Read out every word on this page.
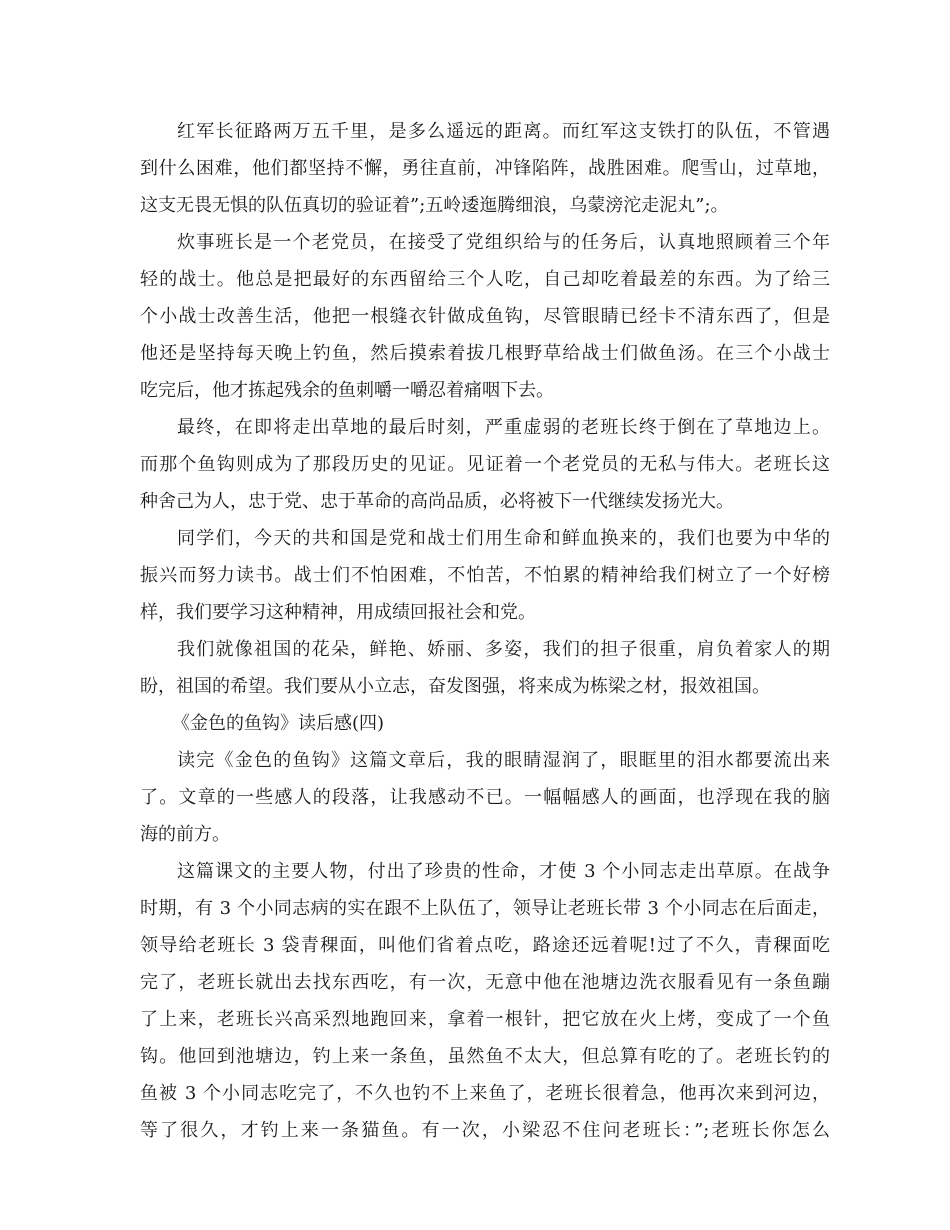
红军长征路两万五千里，是多么遥远的距离。而红军这支铁打的队伍，不管遇
到什么困难，他们都坚持不懈，勇往直前，冲锋陷阵，战胜困难。爬雪山，过草地，
这支无畏无惧的队伍真切的验证着”;五岭逶迤腾细浪，乌蒙滂沱走泥丸”;。
炊事班长是一个老党员，在接受了党组织给与的任务后，认真地照顾着三个年
轻的战士。他总是把最好的东西留给三个人吃，自己却吃着最差的东西。为了给三
个小战士改善生活，他把一根缝衣针做成鱼钩，尽管眼睛已经卡不清东西了，但是
他还是坚持每天晚上钓鱼，然后摸索着拔几根野草给战士们做鱼汤。在三个小战士
吃完后，他才拣起残余的鱼刺嚼一嚼忍着痛咽下去。
最终，在即将走出草地的最后时刻，严重虚弱的老班长终于倒在了草地边上。
而那个鱼钩则成为了那段历史的见证。见证着一个老党员的无私与伟大。老班长这
种舍己为人，忠于党、忠于革命的高尚品质，必将被下一代继续发扬光大。
同学们，今天的共和国是党和战士们用生命和鲜血换来的，我们也要为中华的
振兴而努力读书。战士们不怕困难，不怕苦，不怕累的精神给我们树立了一个好榜
样，我们要学习这种精神，用成绩回报社会和党。
我们就像祖国的花朵，鲜艳、娇丽、多姿，我们的担子很重，肩负着家人的期
盼，祖国的希望。我们要从小立志，奋发图强，将来成为栋梁之材，报效祖国。
《金色的鱼钩》读后感(四)
读完《金色的鱼钩》这篇文章后，我的眼睛湿润了，眼眶里的泪水都要流出来
了。文章的一些感人的段落，让我感动不已。一幅幅感人的画面，也浮现在我的脑
海的前方。
这篇课文的主要人物，付出了珍贵的性命，才使 3 个小同志走出草原。在战争
时期，有 3 个小同志病的实在跟不上队伍了，领导让老班长带 3 个小同志在后面走，
领导给老班长 3 袋青稞面，叫他们省着点吃，路途还远着呢!过了不久，青稞面吃
完了，老班长就出去找东西吃，有一次，无意中他在池塘边洗衣服看见有一条鱼蹦
了上来，老班长兴高采烈地跑回来，拿着一根针，把它放在火上烤，变成了一个鱼
钩。他回到池塘边，钓上来一条鱼，虽然鱼不太大，但总算有吃的了。老班长钓的
鱼被 3 个小同志吃完了，不久也钓不上来鱼了，老班长很着急，他再次来到河边，
等了很久，才钓上来一条猫鱼。有一次，小梁忍不住问老班长：”;老班长你怎么
